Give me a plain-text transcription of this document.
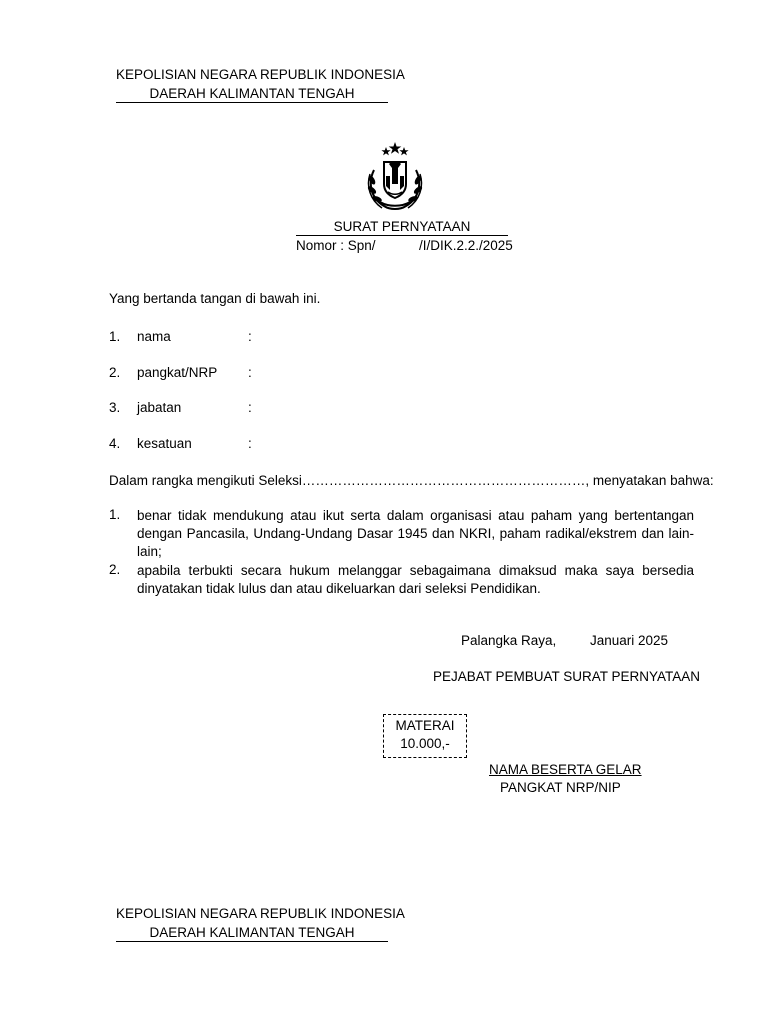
KEPOLISIAN NEGARA REPUBLIK INDONESIA
DAERAH KALIMANTAN TENGAH
SURAT PERNYATAAN
Nomor : Spn/	/I/DIK.2.2./2025
Yang bertanda tangan di bawah ini.
1. nama	:
2. pangkat/NRP :
3. jabatan	:
4. kesatuan	:
Dalam rangka mengikuti Seleksi………………………………………………………, menyatakan bahwa:
1. benar tidak mendukung atau ikut serta dalam organisasi atau paham yang bertentangan dengan Pancasila, Undang-Undang Dasar 1945 dan NKRI, paham radikal/ekstrem dan lain-lain;
2. apabila terbukti secara hukum melanggar sebagaimana dimaksud maka saya bersedia dinyatakan tidak lulus dan atau dikeluarkan dari seleksi Pendidikan.
Palangka Raya, Januari 2025
PEJABAT PEMBUAT SURAT PERNYATAAN
MATERAI
10.000,-
NAMA BESERTA GELAR
PANGKAT NRP/NIP
KEPOLISIAN NEGARA REPUBLIK INDONESIA
DAERAH KALIMANTAN TENGAH
